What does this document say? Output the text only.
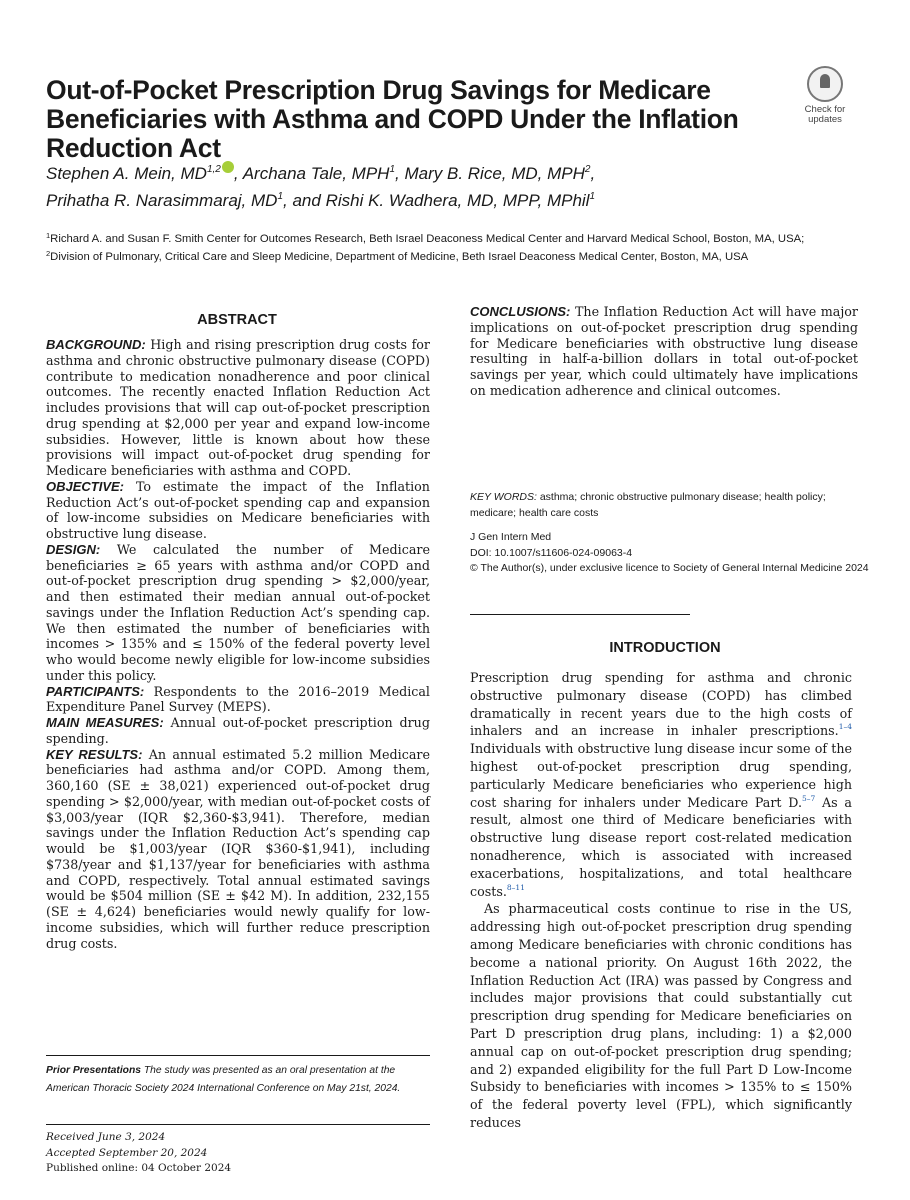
Out-of-Pocket Prescription Drug Savings for Medicare Beneficiaries with Asthma and COPD Under the Inflation Reduction Act
Check for
updates
Stephen A. Mein, MD$^{1,2}$ , Archana Tale, MPH$^1$, Mary B. Rice, MD, MPH$^2$,
Prihatha R. Narasimmaraj, $MD^1$, and Rishi K. Wadhera, MD, MPP, MPhil$^1$
$^1$Richard A. and Susan F. Smith Center for Outcomes Research, Beth Israel Deaconess Medical Center and Harvard Medical School, Boston, MA, USA; $^2$Division of Pulmonary, Critical Care and Sleep Medicine, Department of Medicine, Beth Israel Deaconess Medical Center, Boston, MA, USA
ABSTRACT
BACKGROUND: High and rising prescription drug costs for asthma and chronic obstructive pulmonary disease (COPD) contribute to medication nonadherence and poor clinical outcomes. The recently enacted Inflation Reduction Act includes provisions that will cap out-of-pocket prescription drug spending at $2,000 per year and expand low-income subsidies. However, little is known about how these provisions will impact out-of-pocket drug spending for Medicare beneficiaries with asthma and COPD.
OBJECTIVE: To estimate the impact of the Inflation Reduction Act’s out-of-pocket spending cap and expansion of low-income subsidies on Medicare beneficiaries with obstructive lung disease.
DESIGN: We calculated the number of Medicare beneficiaries ≥ 65 years with asthma and/or COPD and out-of-pocket prescription drug spending > $2,000/year, and then estimated their median annual out-of-pocket savings under the Inflation Reduction Act’s spending cap. We then estimated the number of beneficiaries with incomes > 135% and ≤ 150% of the federal poverty level who would become newly eligible for low-income subsidies under this policy.
PARTICIPANTS: Respondents to the 2016–2019 Medical Expenditure Panel Survey (MEPS).
MAIN MEASURES: Annual out-of-pocket prescription drug spending.
KEY RESULTS: An annual estimated 5.2 million Medicare beneficiaries had asthma and/or COPD. Among them, 360,160 (SE ± 38,021) experienced out-of-pocket drug spending > $2,000/year, with median out-of-pocket costs of $3,003/year (IQR $2,360-$3,941). Therefore, median savings under the Inflation Reduction Act’s spending cap would be $1,003/year (IQR $360-$1,941), including $738/year and $1,137/year for beneficiaries with asthma and COPD, respectively. Total annual estimated savings would be $504 million (SE ± $42 M). In addition, 232,155 (SE ± 4,624) beneficiaries would newly qualify for low-income subsidies, which will further reduce prescription drug costs.
CONCLUSIONS: The Inflation Reduction Act will have major implications on out-of-pocket prescription drug spending for Medicare beneficiaries with obstructive lung disease resulting in half-a-billion dollars in total out-of-pocket savings per year, which could ultimately have implications on medication adherence and clinical outcomes.
KEY WORDS: asthma; chronic obstructive pulmonary disease; health policy; medicare; health care costs
J Gen Intern Med
DOI: 10.1007/s11606-024-09063-4
© The Author(s), under exclusive licence to Society of General Internal Medicine 2024
INTRODUCTION

Prescription drug spending for asthma and chronic obstructive pulmonary disease (COPD) has climbed dramatically in recent years due to the high costs of inhalers and an increase in inhaler prescriptions.$^{1-4}$ Individuals with obstructive lung disease incur some of the highest out-of-pocket prescription drug spending, particularly Medicare beneficiaries who experience high cost sharing for inhalers under Medicare Part D.$^{5-7}$ As a result, almost one third of Medicare beneficiaries with obstructive lung disease report cost-related medication nonadherence, which is associated with increased exacerbations, hospitalizations, and total healthcare costs.$^{8-11}$

As pharmaceutical costs continue to rise in the US, addressing high out-of-pocket prescription drug spending among Medicare beneficiaries with chronic conditions has become a national priority. On August 16th 2022, the Inflation Reduction Act (IRA) was passed by Congress and includes major provisions that could substantially cut prescription drug spending for Medicare beneficiaries on Part D prescription drug plans, including: 1) a $2,000 annual cap on out-of-pocket prescription drug spending; and 2) expanded eligibility for the full Part D Low-Income Subsidy to beneficiaries with incomes > 135% to ≤ 150% of the federal poverty level (FPL), which significantly reduces

Prior Presentations The study was presented as an oral presentation at the American Thoracic Society 2024 International Conference on May 21st, 2024.
Received June 3, 2024
Accepted September 20, 2024
Published online: 04 October 2024
